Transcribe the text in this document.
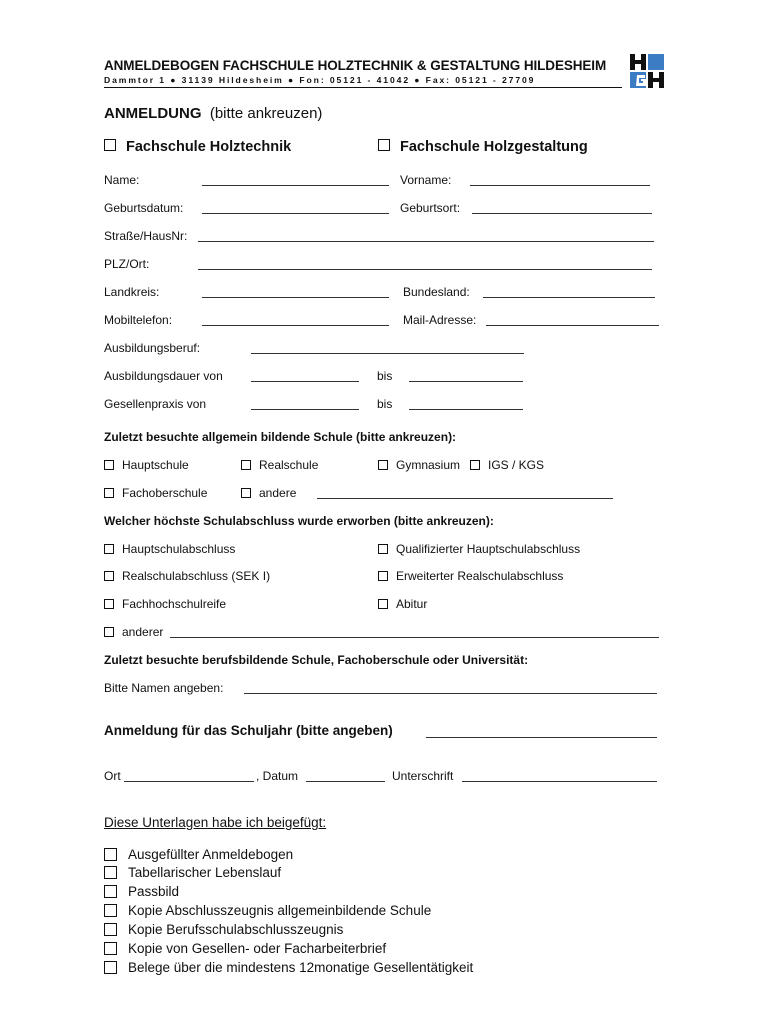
ANMELDEBOGEN FACHSCHULE HOLZTECHNIK & GESTALTUNG HILDESHEIM
Dammtor 1 ● 31139 Hildesheim ● Fon: 05121 - 41042 ● Fax: 05121 - 27709
ANMELDUNG (bitte ankreuzen)
Fachschule Holztechnik	Fachschule Holzgestaltung
Name:	Vorname:
Geburtsdatum:	Geburtsort:
Straße/HausNr:
PLZ/Ort:
Landkreis:	Bundesland:
Mobiltelefon:	Mail-Adresse:
Ausbildungsberuf:
Ausbildungsdauer von	bis
Gesellenpraxis von	bis
Zuletzt besuchte allgemein bildende Schule (bitte ankreuzen):
Hauptschule	Realschule	Gymnasium	IGS / KGS
Fachoberschule	andere
Welcher höchste Schulabschluss wurde erworben (bitte ankreuzen):
Hauptschulabschluss	Qualifizierter Hauptschulabschluss
Realschulabschluss (SEK I)	Erweiterter Realschulabschluss
Fachhochschulreife	Abitur
anderer
Zuletzt besuchte berufsbildende Schule, Fachoberschule oder Universität:
Bitte Namen angeben:
Anmeldung für das Schuljahr (bitte angeben)
Ort	, Datum	Unterschrift
Diese Unterlagen habe ich beigefügt:
Ausgefüllter Anmeldebogen
Tabellarischer Lebenslauf
Passbild
Kopie Abschlusszeugnis allgemeinbildende Schule
Kopie Berufsschulabschlusszeugnis
Kopie von Gesellen- oder Facharbeiterbrief
Belege über die mindestens 12monatige Gesellentätigkeit
